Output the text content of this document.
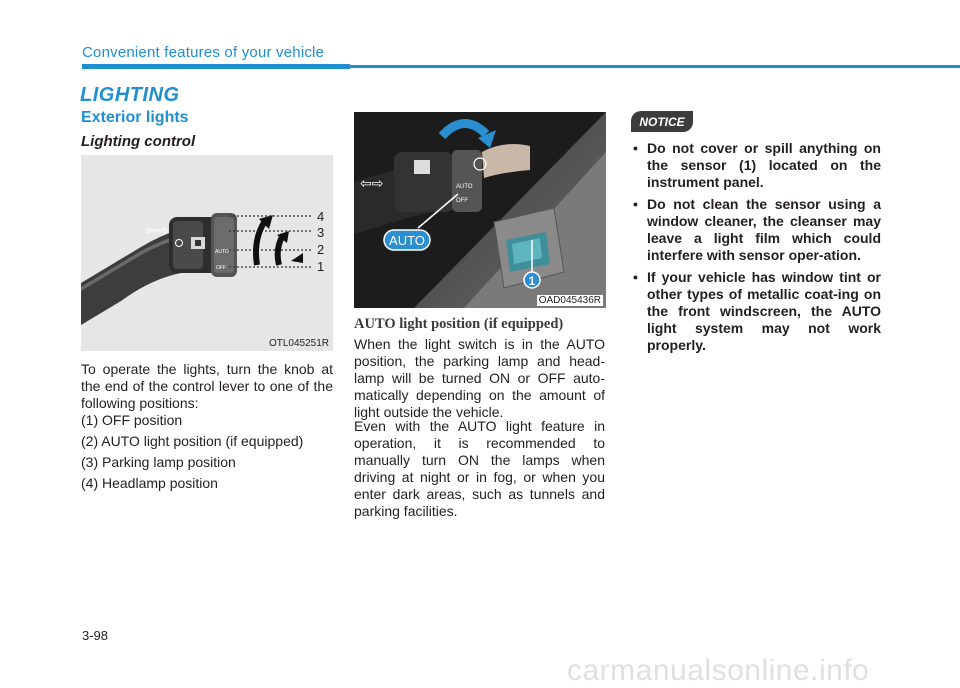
Convenient features of your vehicle
LIGHTING
Exterior lights
Lighting control
AUTO
OFF
⇦⇨
4
3
2
1
OTL045251R
To operate the lights, turn the knob at the end of the control lever to one of the following positions:
(1) OFF position
(2) AUTO light position (if equipped)
(3) Parking lamp position
(4) Headlamp position
AUTO
OFF
⇦⇨
AUTO
1
OAD045436R
AUTO light position (if equipped)
When the light switch is in the AUTO position, the parking lamp and head-lamp will be turned ON or OFF auto-matically depending on the amount of light outside the vehicle.
Even with the AUTO light feature in operation, it is recommended to manually turn ON the lamps when driving at night or in fog, or when you enter dark areas, such as tunnels and parking facilities.
NOTICE
• Do not cover or spill anything on the sensor (1) located on the instrument panel.
• Do not clean the sensor using a window cleaner, the cleanser may leave a light film which could interfere with sensor oper-ation.
• If your vehicle has window tint or other types of metallic coat-ing on the front windscreen, the AUTO light system may not work properly.
3-98
carmanualsonline.info
